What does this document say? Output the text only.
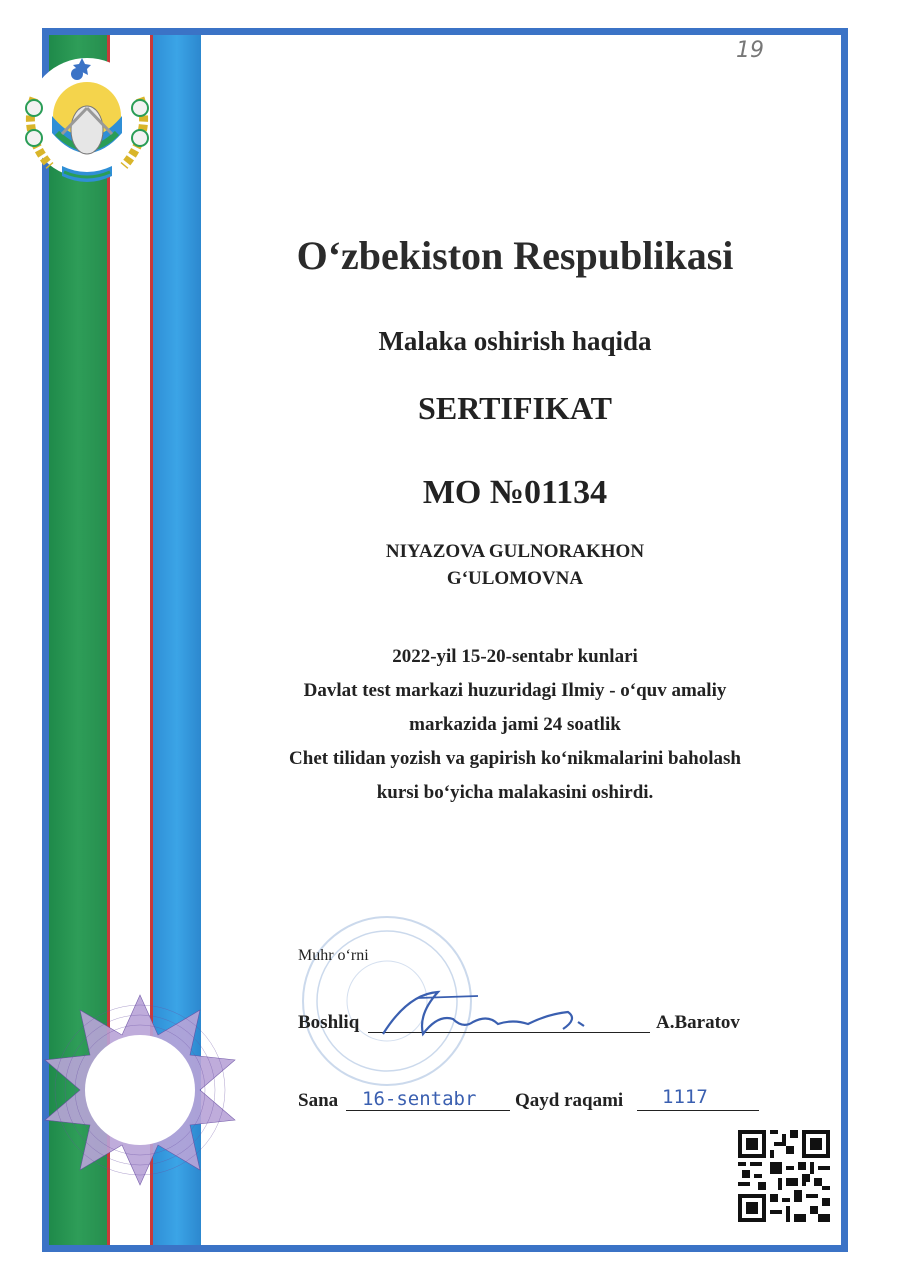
19
O‘zbekiston Respublikasi
Malaka oshirish haqida
SERTIFIKAT
MO №01134
NIYAZOVA GULNORAKHON
G‘ULOMOVNA
2022-yil 15-20-sentabr kunlari
Davlat test markazi huzuridagi Ilmiy - o‘quv amaliy
markazida jami 24 soatlik
Chet tilidan yozish va gapirish ko‘nikmalarini baholash
kursi bo‘yicha malakasini oshirdi.
Muhr o‘rni
Boshliq	A.Baratov
Sana 16-sentabr Qayd raqami 1117
